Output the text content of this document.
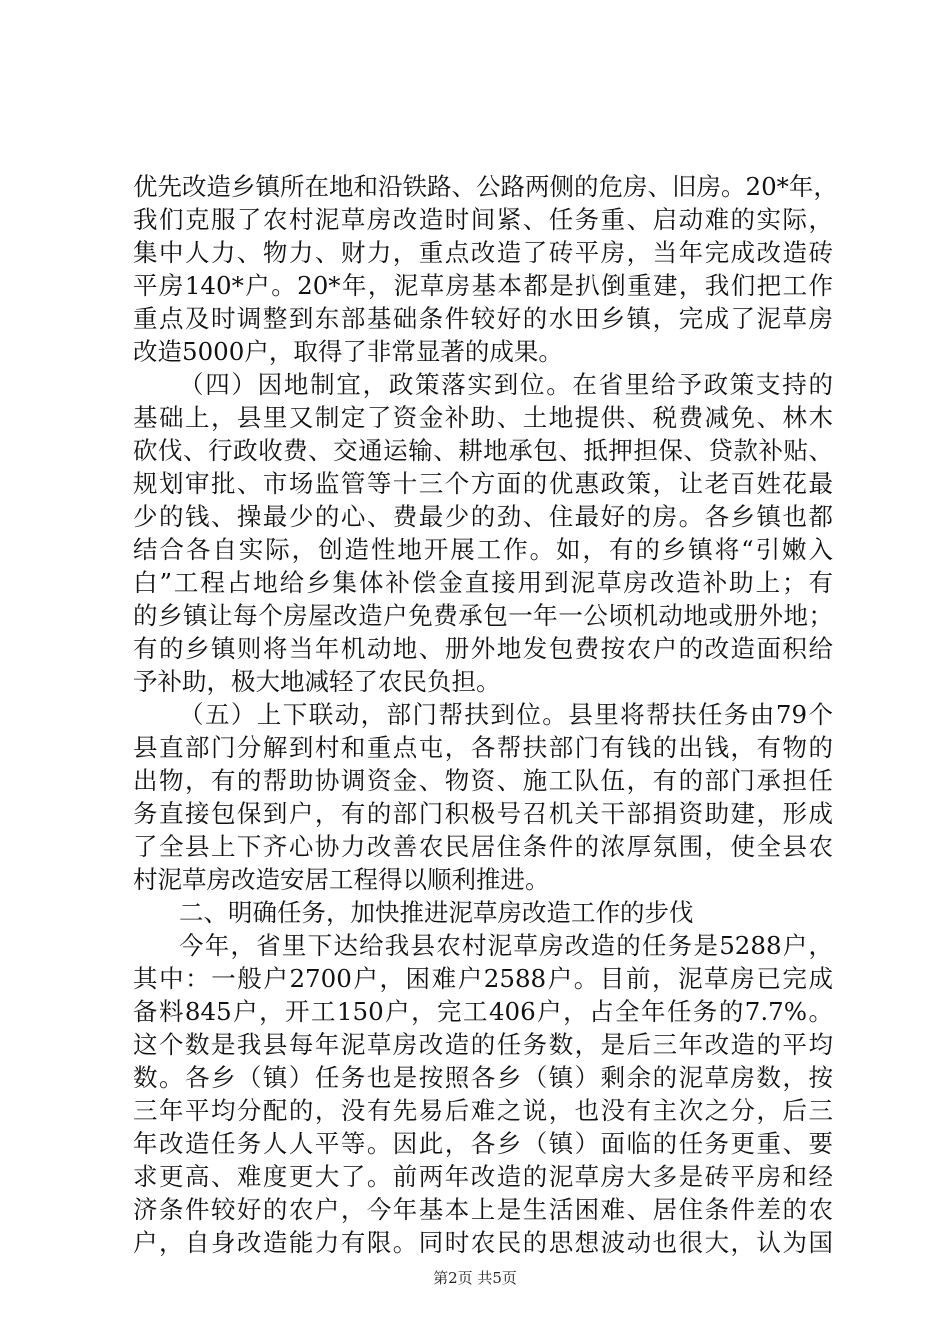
优先改造乡镇所在地和沿铁路、公路两侧的危房、旧房。20*年，
我们克服了农村泥草房改造时间紧、任务重、启动难的实际，
集中人力、物力、财力，重点改造了砖平房，当年完成改造砖
平房140*户。20*年，泥草房基本都是扒倒重建，我们把工作
重点及时调整到东部基础条件较好的水田乡镇，完成了泥草房
改造5000户，取得了非常显著的成果。
（四）因地制宜，政策落实到位。在省里给予政策支持的
基础上，县里又制定了资金补助、土地提供、税费减免、林木
砍伐、行政收费、交通运输、耕地承包、抵押担保、贷款补贴、
规划审批、市场监管等十三个方面的优惠政策，让老百姓花最
少的钱、操最少的心、费最少的劲、住最好的房。各乡镇也都
结合各自实际，创造性地开展工作。如，有的乡镇将“引嫩入
白”工程占地给乡集体补偿金直接用到泥草房改造补助上；有
的乡镇让每个房屋改造户免费承包一年一公顷机动地或册外地；
有的乡镇则将当年机动地、册外地发包费按农户的改造面积给
予补助，极大地减轻了农民负担。
（五）上下联动，部门帮扶到位。县里将帮扶任务由79个
县直部门分解到村和重点屯，各帮扶部门有钱的出钱，有物的
出物，有的帮助协调资金、物资、施工队伍，有的部门承担任
务直接包保到户，有的部门积极号召机关干部捐资助建，形成
了全县上下齐心协力改善农民居住条件的浓厚氛围，使全县农
村泥草房改造安居工程得以顺利推进。
二、明确任务，加快推进泥草房改造工作的步伐
今年，省里下达给我县农村泥草房改造的任务是5288户，
其中：一般户2700户，困难户2588户。目前，泥草房已完成
备料845户，开工150户，完工406户，占全年任务的7.7%。
这个数是我县每年泥草房改造的任务数，是后三年改造的平均
数。各乡（镇）任务也是按照各乡（镇）剩余的泥草房数，按
三年平均分配的，没有先易后难之说，也没有主次之分，后三
年改造任务人人平等。因此，各乡（镇）面临的任务更重、要
求更高、难度更大了。前两年改造的泥草房大多是砖平房和经
济条件较好的农户，今年基本上是生活困难、居住条件差的农
户，自身改造能力有限。同时农民的思想波动也很大，认为国
第2页 共5页
